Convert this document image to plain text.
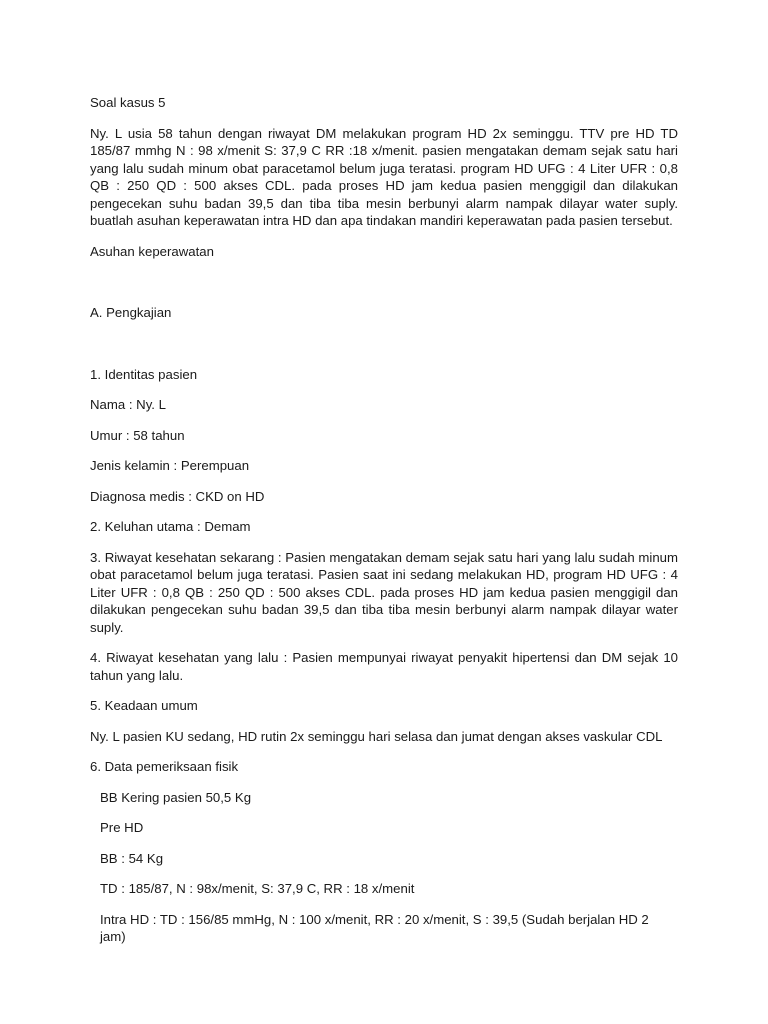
Soal kasus 5

Ny. L usia 58 tahun dengan riwayat DM melakukan program HD 2x seminggu. TTV pre HD TD 185/87 mmhg N : 98 x/menit S: 37,9 C RR :18 x/menit. pasien mengatakan demam sejak satu hari yang lalu sudah minum obat paracetamol belum juga teratasi. program HD UFG : 4 Liter UFR : 0,8 QB : 250 QD : 500 akses CDL. pada proses HD jam kedua pasien menggigil dan dilakukan pengecekan suhu badan 39,5 dan tiba tiba mesin berbunyi alarm nampak dilayar water suply. buatlah asuhan keperawatan intra HD dan apa tindakan mandiri keperawatan pada pasien tersebut.

Asuhan keperawatan

A. Pengkajian

1. Identitas pasien

Nama : Ny. L

Umur : 58 tahun

Jenis kelamin : Perempuan

Diagnosa medis : CKD on HD

2. Keluhan utama : Demam

3. Riwayat kesehatan sekarang : Pasien mengatakan demam sejak satu hari yang lalu sudah minum obat paracetamol belum juga teratasi. Pasien saat ini sedang melakukan HD, program HD UFG : 4 Liter UFR : 0,8 QB : 250 QD : 500 akses CDL. pada proses HD jam kedua pasien menggigil dan dilakukan pengecekan suhu badan 39,5 dan tiba tiba mesin berbunyi alarm nampak dilayar water suply.

4. Riwayat kesehatan yang lalu : Pasien mempunyai riwayat penyakit hipertensi dan DM sejak 10 tahun yang lalu.

5. Keadaan umum

Ny. L pasien KU sedang, HD rutin 2x seminggu hari selasa dan jumat dengan akses vaskular CDL

6. Data pemeriksaan fisik

BB Kering pasien 50,5 Kg

Pre HD

BB : 54 Kg

TD : 185/87, N : 98x/menit, S: 37,9 C, RR : 18 x/menit

Intra HD : TD : 156/85 mmHg, N : 100 x/menit, RR : 20 x/menit, S : 39,5 (Sudah berjalan HD 2 jam)
